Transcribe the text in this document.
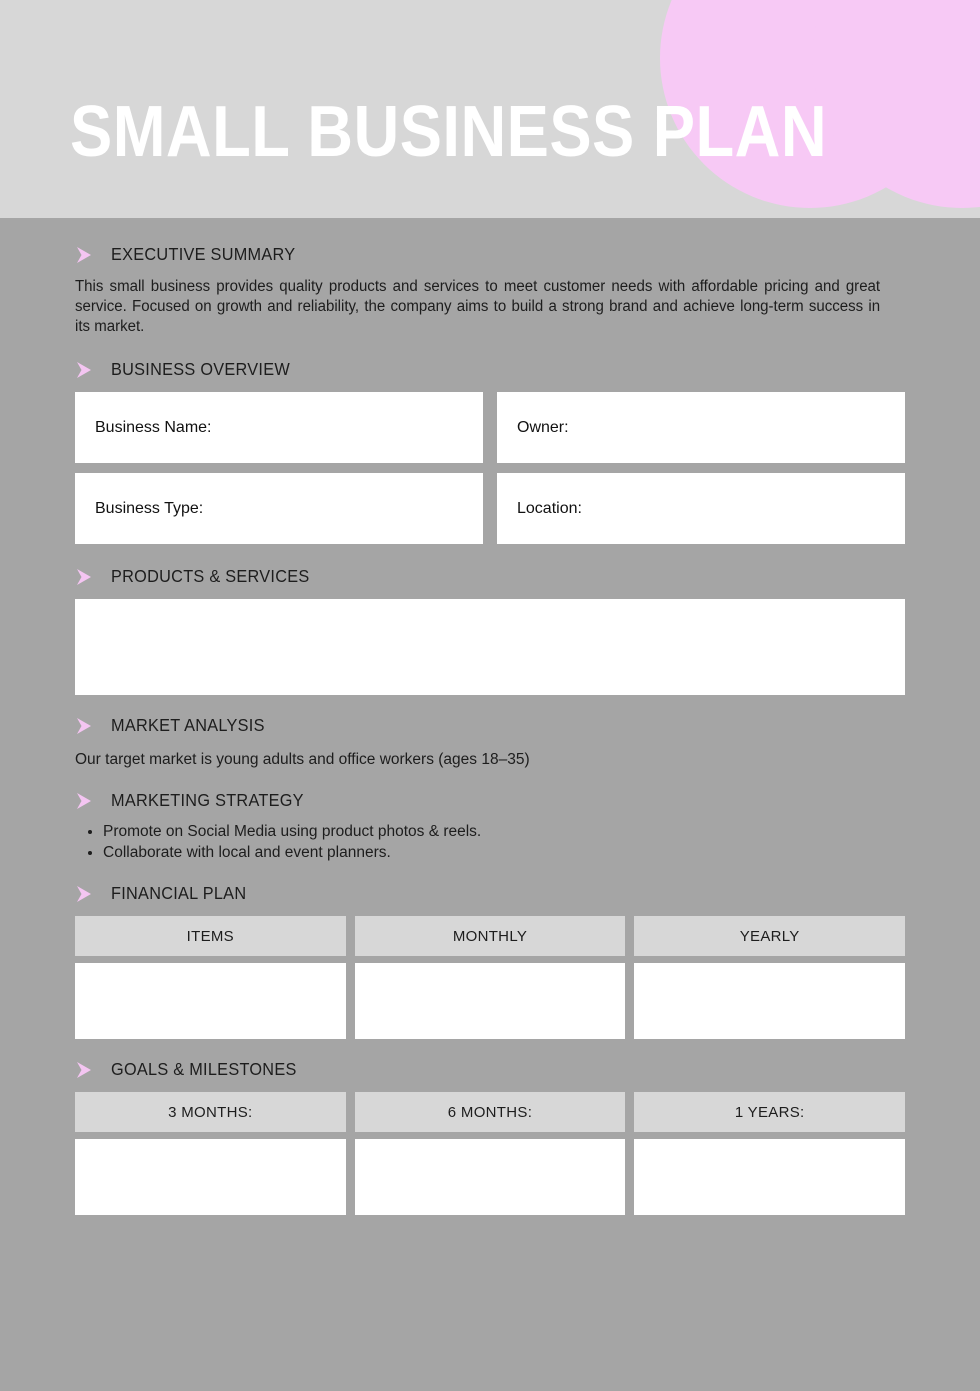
SMALL BUSINESS PLAN
EXECUTIVE SUMMARY

This small business provides quality products and services to meet customer needs with affordable pricing and great service. Focused on growth and reliability, the company aims to build a strong brand and achieve long-term success in its market.

BUSINESS OVERVIEW
Business Name:	Owner:
Business Type:	Location:
PRODUCTS & SERVICES
MARKET ANALYSIS

Our target market is young adults and office workers (ages 18–35)

MARKETING STRATEGY
• Promote on Social Media using product photos & reels.
• Collaborate with local and event planners.
FINANCIAL PLAN
ITEMS	MONTHLY	YEARLY
GOALS & MILESTONES
3 MONTHS:	6 MONTHS:	1 YEARS:
